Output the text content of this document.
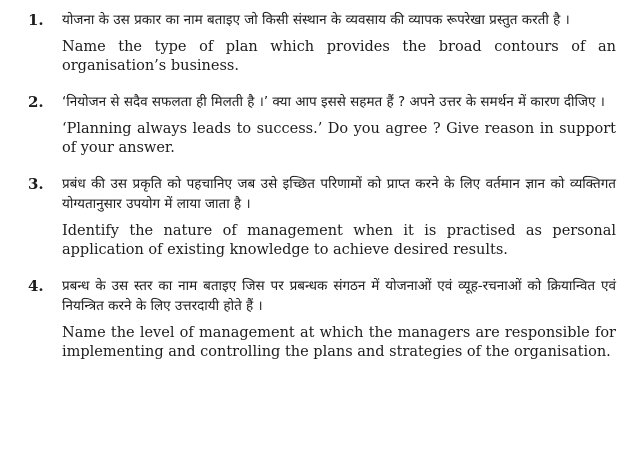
1.	योजना के उस प्रकार का नाम बताइए जो किसी संस्थान के व्यवसाय की व्यापक रूपरेखा प्रस्तुत करती है ।

Name the type of plan which provides the broad contours of an organisation’s business.

2.	‘नियोजन से सदैव सफलता ही मिलती है ।’ क्या आप इससे सहमत हैं ? अपने उत्तर के समर्थन में कारण दीजिए ।

‘Planning always leads to success.’ Do you agree ? Give reason in support of your answer.

3.	प्रबंध की उस प्रकृति को पहचानिए जब उसे इच्छित परिणामों को प्राप्त करने के लिए वर्तमान ज्ञान को व्यक्तिगत योग्यतानुसार उपयोग में लाया जाता है ।

Identify the nature of management when it is practised as personal application of existing knowledge to achieve desired results.

4.	प्रबन्ध के उस स्तर का नाम बताइए जिस पर प्रबन्धक संगठन में योजनाओं एवं व्यूह-रचनाओं को क्रियान्वित एवं नियन्त्रित करने के लिए उत्तरदायी होते हैं ।

Name the level of management at which the managers are responsible for implementing and controlling the plans and strategies of the organisation.
